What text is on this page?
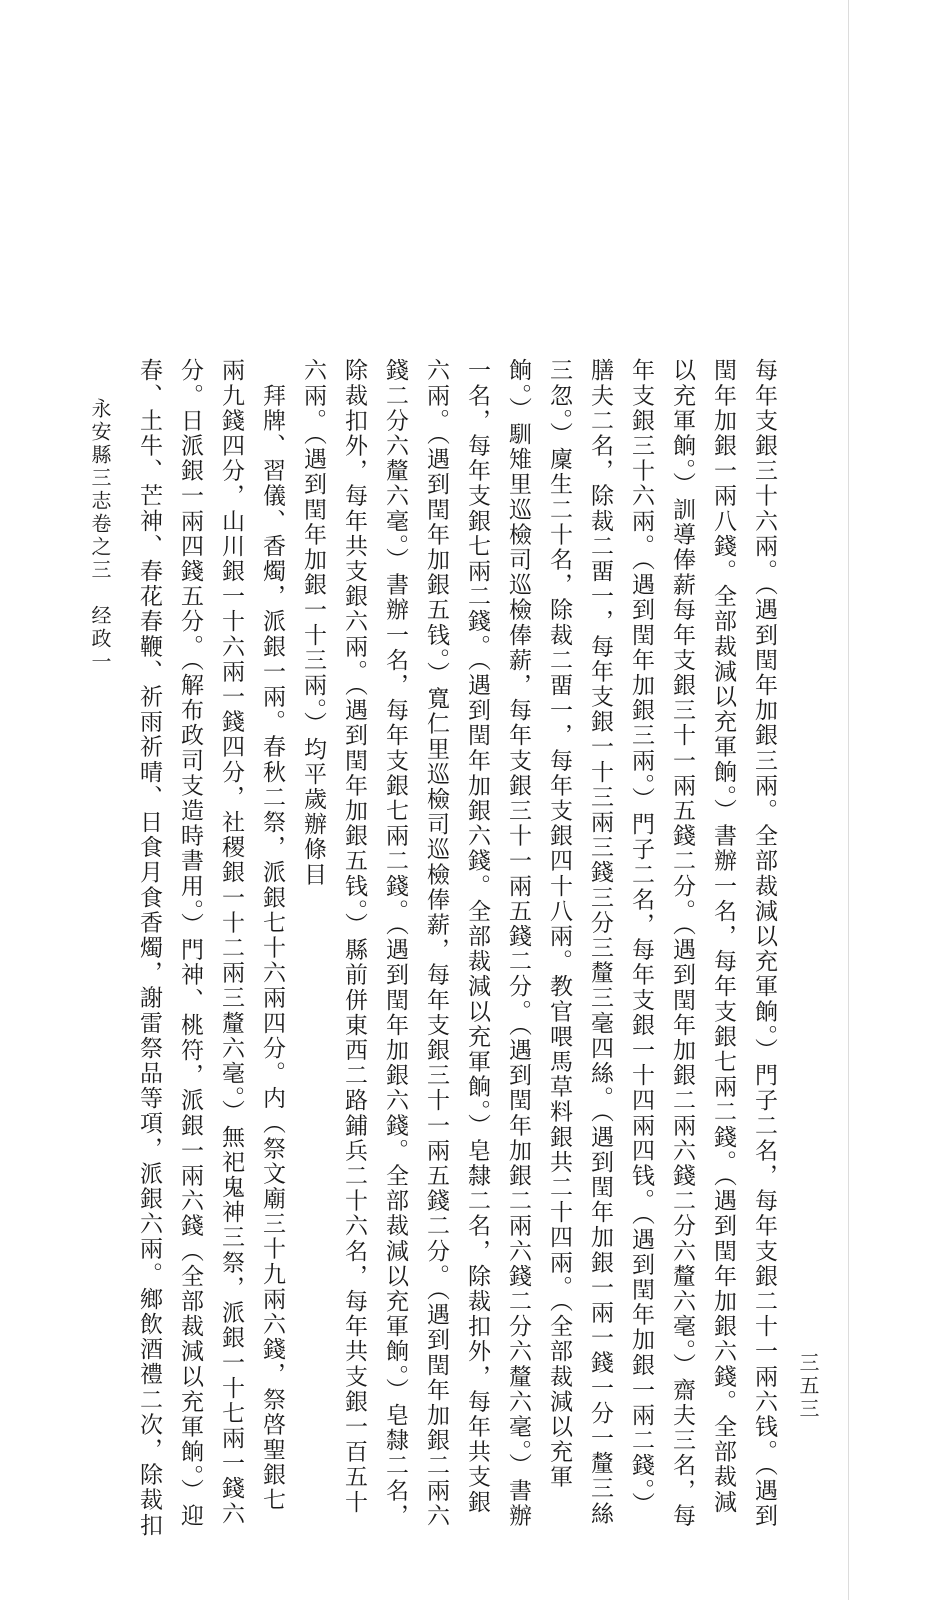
三五三
每年支銀三十六兩。（遇到閏年加銀三兩。全部裁減以充軍餉。）門子二名，每年支銀二十一兩六钱。（遇到
閏年加銀一兩八錢。全部裁減以充軍餉。）書辦一名，每年支銀七兩二錢。（遇到閏年加銀六錢。全部裁減
以充軍餉。）訓導俸薪每年支銀三十一兩五錢二分。（遇到閏年加銀二兩六錢二分六釐六毫。）齋夫三名，每
年支銀三十六兩。（遇到閏年加銀三兩。）門子二名，每年支銀一十四兩四钱。（遇到閏年加銀一兩二錢。）
膳夫二名，除裁二畱一，每年支銀一十三兩三錢三分三釐三毫四絲。（遇到閏年加銀一兩一錢一分一釐三絲
三忽。）廩生二十名，除裁二畱一，每年支銀四十八兩。教官喂馬草料銀共二十四兩。（全部裁減以充軍
餉。）馴雉里巡檢司巡檢俸薪，每年支銀三十一兩五錢二分。（遇到閏年加銀二兩六錢二分六釐六毫。）書辦
一名，每年支銀七兩二錢。（遇到閏年加銀六錢。全部裁減以充軍餉。）皂隸二名，除裁扣外，每年共支銀
六兩。（遇到閏年加銀五钱。）寬仁里巡檢司巡檢俸薪，每年支銀三十一兩五錢二分。（遇到閏年加銀二兩六
錢二分六釐六毫。）書辦一名，每年支銀七兩二錢。（遇到閏年加銀六錢。全部裁減以充軍餉。）皂隸二名，
除裁扣外，每年共支銀六兩。（遇到閏年加銀五钱。）縣前併東西二路鋪兵二十六名，每年共支銀一百五十
六兩。（遇到閏年加銀一十三兩。）均平歲辦條目
　拜牌、習儀、香燭，派銀一兩。春秋二祭，派銀七十六兩四分。内（祭文廟三十九兩六錢，祭啓聖銀七
兩九錢四分，山川銀一十六兩一錢四分，社稷銀一十二兩三釐六毫。）無祀鬼神三祭，派銀一十七兩一錢六
分。日派銀一兩四錢五分。（解布政司支造時書用。）門神、桃符，派銀一兩六錢（全部裁減以充軍餉。）迎
春、土牛、芒神、春花春鞭、祈雨祈晴、日食月食香燭，謝雷祭品等項，派銀六兩。鄉飲酒禮二次，除裁扣
永安縣三志卷之三　经政一
